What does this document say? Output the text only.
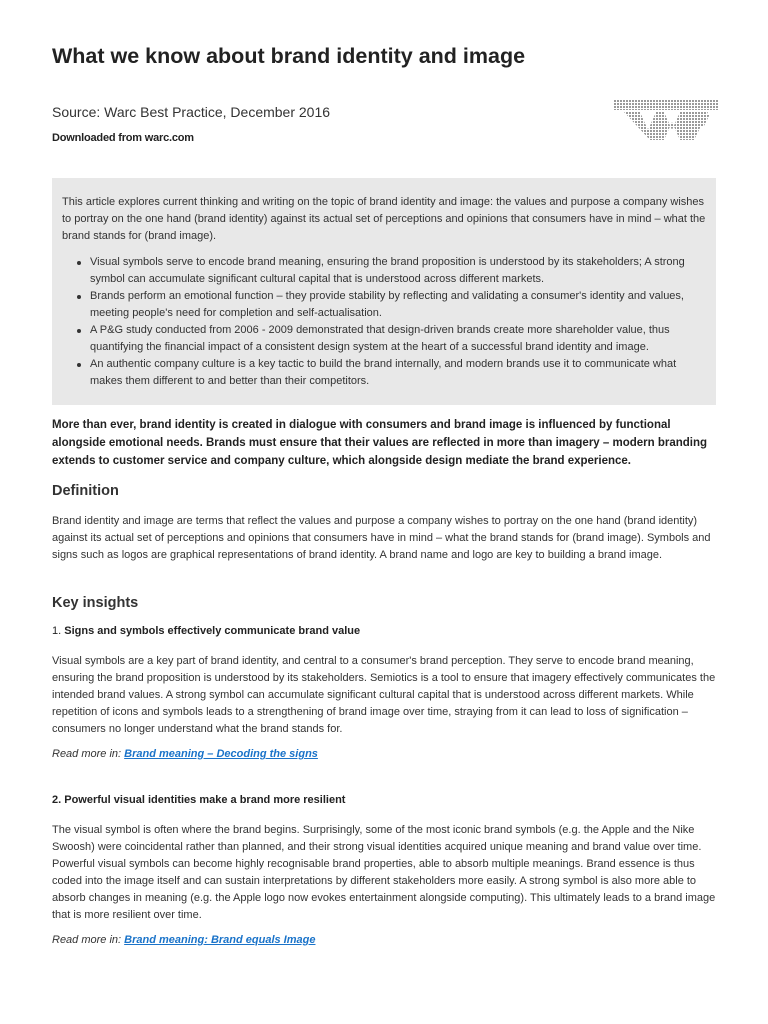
What we know about brand identity and image
Source: Warc Best Practice, December 2016
Downloaded from warc.com

This article explores current thinking and writing on the topic of brand identity and image: the values and purpose a company wishes to portray on the one hand (brand identity) against its actual set of perceptions and opinions that consumers have in mind – what the brand stands for (brand image).

Visual symbols serve to encode brand meaning, ensuring the brand proposition is understood by its stakeholders; A strong symbol can accumulate significant cultural capital that is understood across different markets.
Brands perform an emotional function – they provide stability by reflecting and validating a consumer's identity and values, meeting people's need for completion and self-actualisation.
A P&G study conducted from 2006 - 2009 demonstrated that design-driven brands create more shareholder value, thus quantifying the financial impact of a consistent design system at the heart of a successful brand identity and image.
An authentic company culture is a key tactic to build the brand internally, and modern brands use it to communicate what makes them different to and better than their competitors.

More than ever, brand identity is created in dialogue with consumers and brand image is influenced by functional alongside emotional needs. Brands must ensure that their values are reflected in more than imagery – modern branding extends to customer service and company culture, which alongside design mediate the brand experience.

Definition

Brand identity and image are terms that reflect the values and purpose a company wishes to portray on the one hand (brand identity) against its actual set of perceptions and opinions that consumers have in mind – what the brand stands for (brand image). Symbols and signs such as logos are graphical representations of brand identity. A brand name and logo are key to building a brand image.

Key insights

1. Signs and symbols effectively communicate brand value

Visual symbols are a key part of brand identity, and central to a consumer's brand perception. They serve to encode brand meaning, ensuring the brand proposition is understood by its stakeholders. Semiotics is a tool to ensure that imagery effectively communicates the intended brand values. A strong symbol can accumulate significant cultural capital that is understood across different markets. While repetition of icons and symbols leads to a strengthening of brand image over time, straying from it can lead to loss of signification – consumers no longer understand what the brand stands for.

Read more in: Brand meaning – Decoding the signs

2. Powerful visual identities make a brand more resilient

The visual symbol is often where the brand begins. Surprisingly, some of the most iconic brand symbols (e.g. the Apple and the Nike Swoosh) were coincidental rather than planned, and their strong visual identities acquired unique meaning and brand value over time. Powerful visual symbols can become highly recognisable brand properties, able to absorb multiple meanings. Brand essence is thus coded into the image itself and can sustain interpretations by different stakeholders more easily. A strong symbol is also more able to absorb changes in meaning (e.g. the Apple logo now evokes entertainment alongside computing). This ultimately leads to a brand image that is more resilient over time.

Read more in: Brand meaning: Brand equals Image
